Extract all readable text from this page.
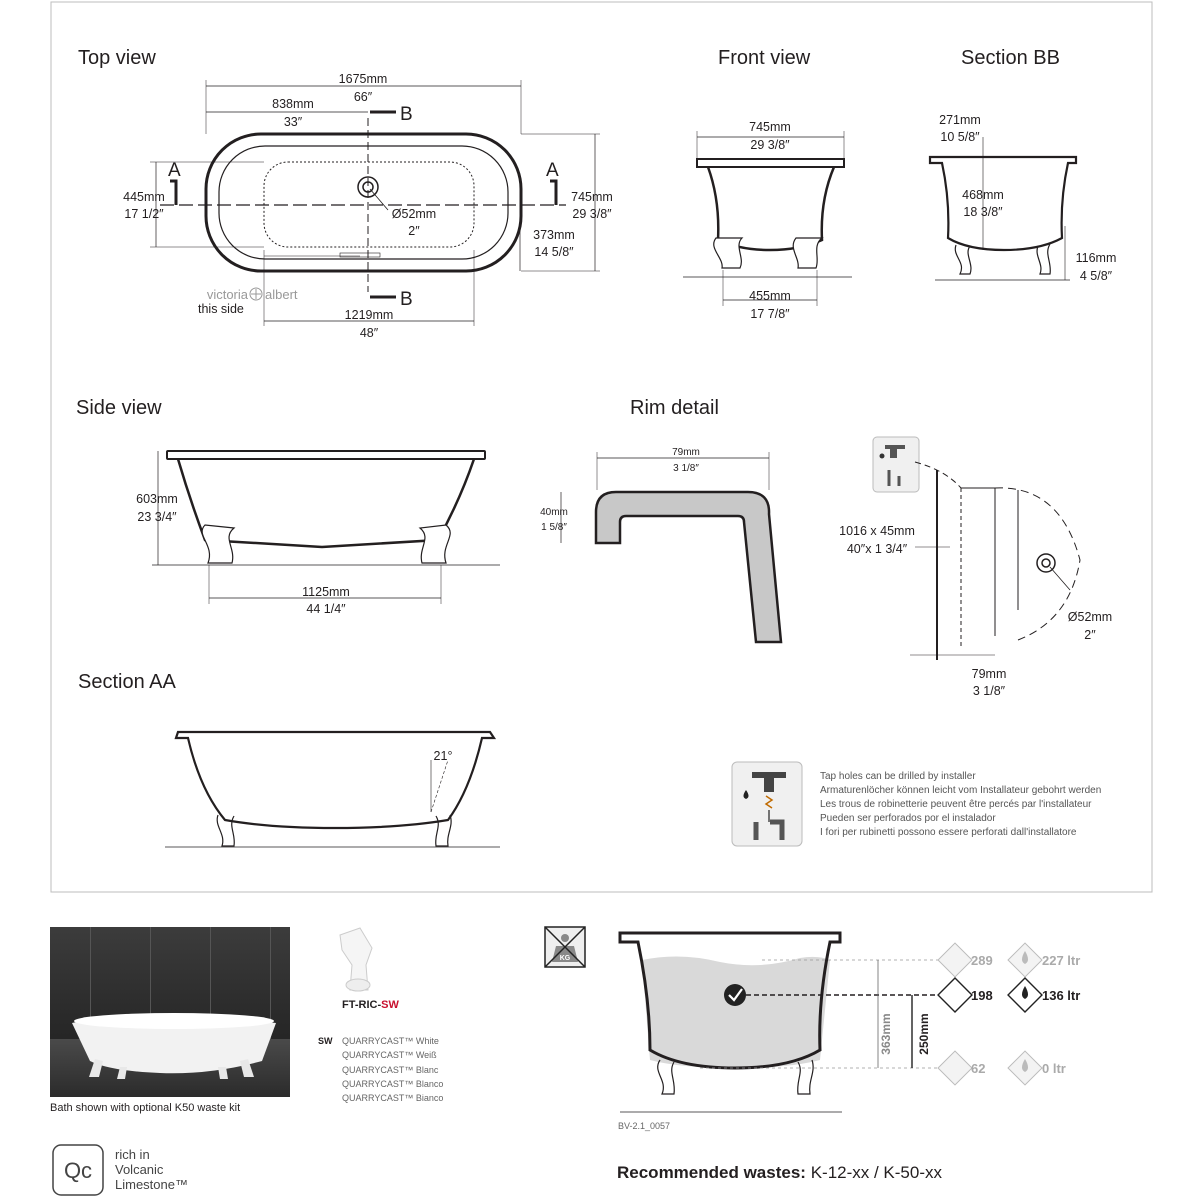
Top view	Front view	Section BB
Side view	Rim detail
Section AA
1675mm
66″
838mm
33″	B
B
A	A
445mm
17 1/2″
745mm
29 3/8″
Ø52mm
2″	373mm
14 5/8″
1219mm
48″
victoria albert
this side
745mm
29 3/8″
455mm
17 7/8″
271mm
10 5/8″
468mm
18 3/8″
116mm
4 5/8″
603mm
23 3/4″
1125mm
44 1/4″
79mm
3 1/8″
40mm
1 5/8″	1016 x 45mm
40″x 1 3/4″
Ø52mm
2″
79mm
3 1/8″
21°
Tap holes can be drilled by installer
Armaturenlöcher können leicht vom Installateur gebohrt werden
Les trous de robinetterie peuvent être percés par l'installateur
Pueden ser perforados por el instalador
I fori per rubinetti possono essere perforati dall'installatore
FT-RIC-SW
SW QUARRYCAST™ White
QUARRYCAST™ Weiß
QUARRYCAST™ Blanc
QUARRYCAST™ Blanco
QUARRYCAST™ Bianco
KG
363mm 250mm
289	227 ltr
198	136 ltr
62	0 ltr
BV-2.1_0057
Qc
Bath shown with optional K50 waste kit
rich in
Volcanic
Limestone™
Recommended wastes: K-12-xx / K-50-xx
